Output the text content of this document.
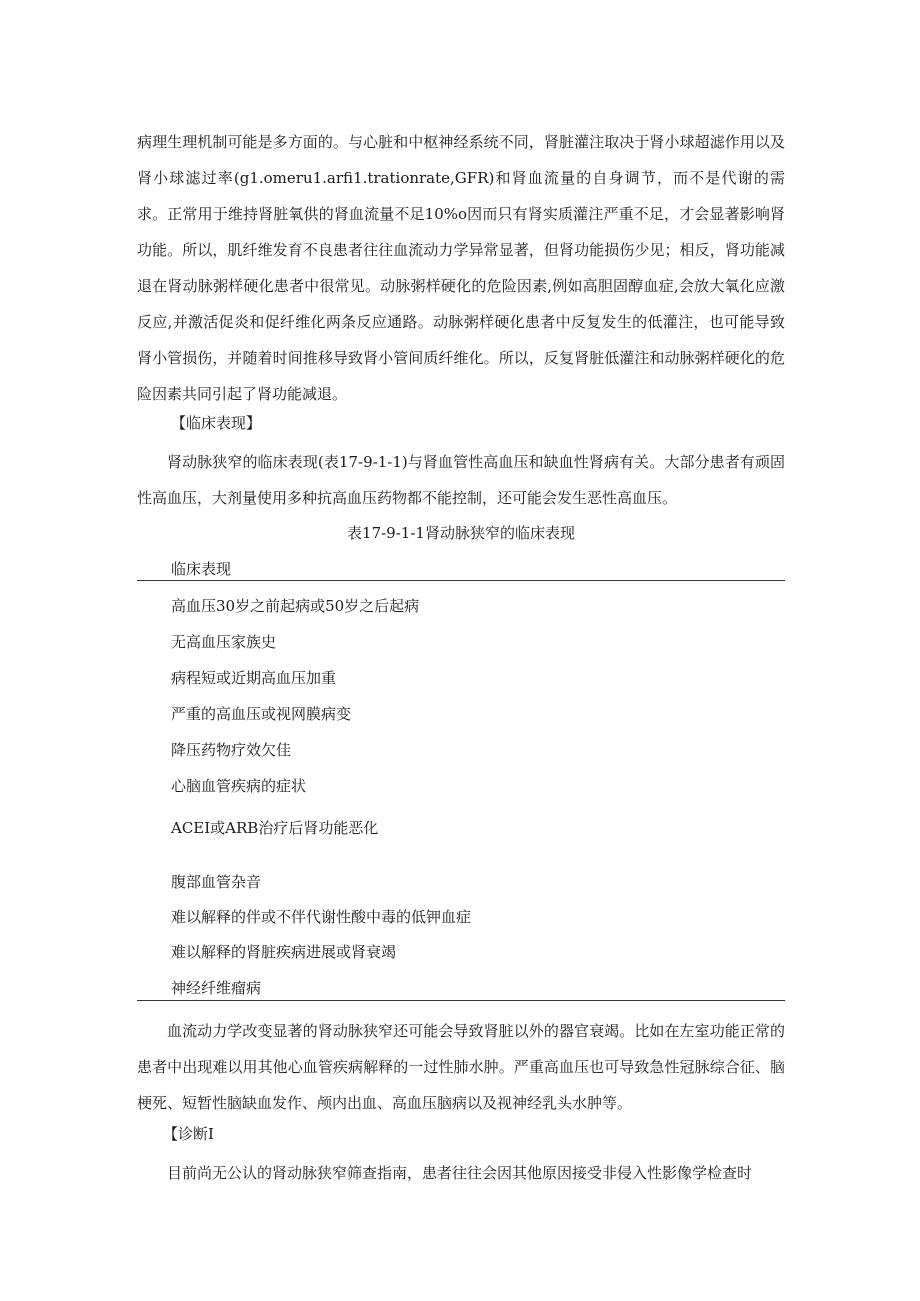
病理生理机制可能是多方面的。与心脏和中枢神经系统不同，肾脏灌注取决于肾小球超滤作用以及肾小球滤过率(g1.omeru1.arfi1.trationrate,GFR)和肾血流量的自身调节，而不是代谢的需求。正常用于维持肾脏氧供的肾血流量不足10%o因而只有肾实质灌注严重不足，才会显著影响肾功能。所以，肌纤维发育不良患者往往血流动力学异常显著，但肾功能损伤少见；相反，肾功能减退在肾动脉粥样硬化患者中很常见。动脉粥样硬化的危险因素,例如高胆固醇血症,会放大氧化应激反应,并激活促炎和促纤维化两条反应通路。动脉粥样硬化患者中反复发生的低灌注，也可能导致肾小管损伤，并随着时间推移导致肾小管间质纤维化。所以，反复肾脏低灌注和动脉粥样硬化的危险因素共同引起了肾功能减退。

【临床表现】

肾动脉狭窄的临床表现(表17-9-1-1)与肾血管性高血压和缺血性肾病有关。大部分患者有顽固性高血压，大剂量使用多种抗高血压药物都不能控制，还可能会发生恶性高血压。

表17-9-1-1肾动脉狭窄的临床表现

临床表现
高血压30岁之前起病或50岁之后起病
无高血压家族史
病程短或近期高血压加重
严重的高血压或视网膜病变
降压药物疗效欠佳
心脑血管疾病的症状
ACEI或ARB治疗后肾功能恶化
腹部血管杂音
难以解释的伴或不伴代谢性酸中毒的低钾血症
难以解释的肾脏疾病进展或肾衰竭
神经纤维瘤病

血流动力学改变显著的肾动脉狭窄还可能会导致肾脏以外的器官衰竭。比如在左室功能正常的患者中出现难以用其他心血管疾病解释的一过性肺水肿。严重高血压也可导致急性冠脉综合征、脑梗死、短暂性脑缺血发作、颅内出血、高血压脑病以及视神经乳头水肿等。

【诊断I

目前尚无公认的肾动脉狭窄筛查指南，患者往往会因其他原因接受非侵入性影像学检查时
